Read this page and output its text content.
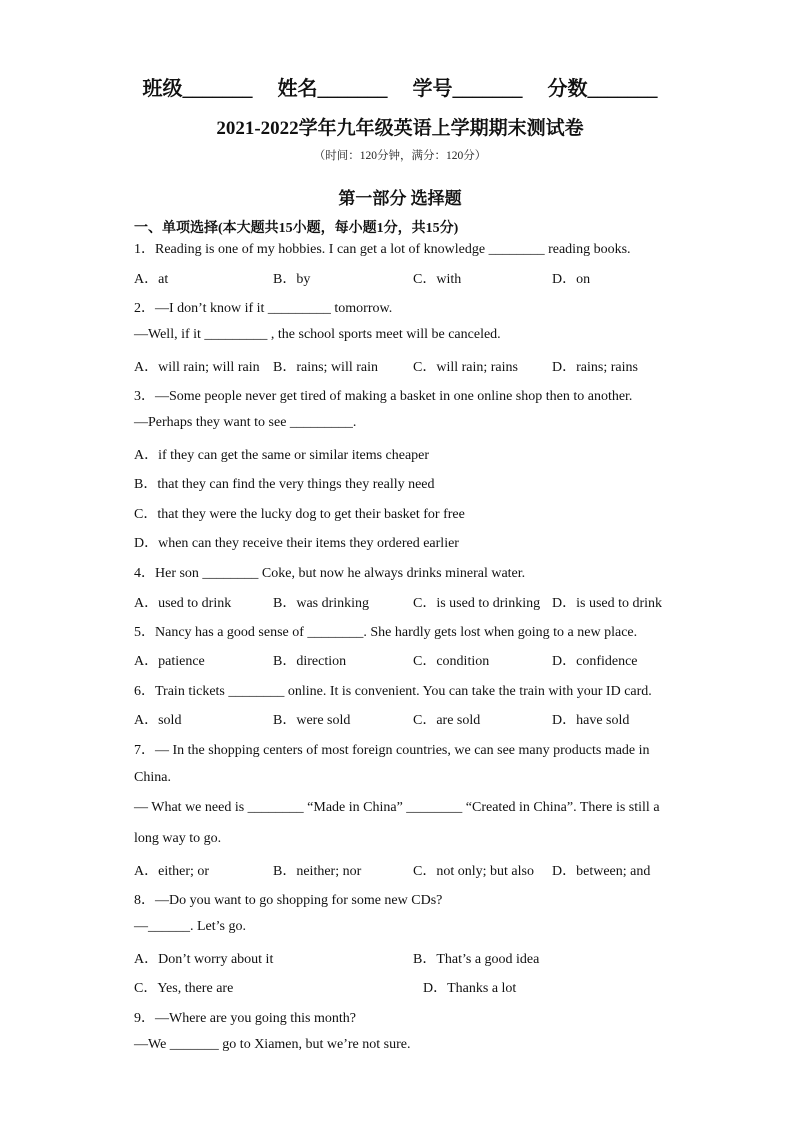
班级_______ 姓名_______ 学号_______ 分数_______
2021-2022学年九年级英语上学期期末测试卷
（时间：120分钟，满分：120分）
第一部分 选择题
一、单项选择(本大题共15小题，每小题1分，共15分)
1．Reading is one of my hobbies. I can get a lot of knowledge ________ reading books.
A．at	B．by	C．with	D．on
2．—I don’t know if it _________ tomorrow.
—Well, if it _________ , the school sports meet will be canceled.
A．will rain; will rain B．rains; will rain	C．will rain; rains D．rains; rains
3．—Some people never get tired of making a basket in one online shop then to another.
—Perhaps they want to see _________.
A．if they can get the same or similar items cheaper
B．that they can find the very things they really need
C．that they were the lucky dog to get their basket for free
D．when can they receive their items they ordered earlier
4．Her son ________ Coke, but now he always drinks mineral water.
A．used to drink	B．was drinking	C．is used to drinking D．is used to drink
5．Nancy has a good sense of ________. She hardly gets lost when going to a new place.
A．patience	B．direction	C．condition	D．confidence
6．Train tickets ________ online. It is convenient. You can take the train with your ID card.
A．sold	B．were sold	C．are sold	D．have sold
7．— In the shopping centers of most foreign countries, we can see many products made in
China.
— What we need is ________ “Made in China” ________ “Created in China”. There is still a
long way to go.
A．either; or	B．neither; nor	C．not only; but also D．between; and
8．—Do you want to go shopping for some new CDs?
—______. Let’s go.
A．Don’t worry about it	B．That’s a good idea
C．Yes, there are	D．Thanks a lot
9．—Where are you going this month?
—We _______ go to Xiamen, but we’re not sure.
